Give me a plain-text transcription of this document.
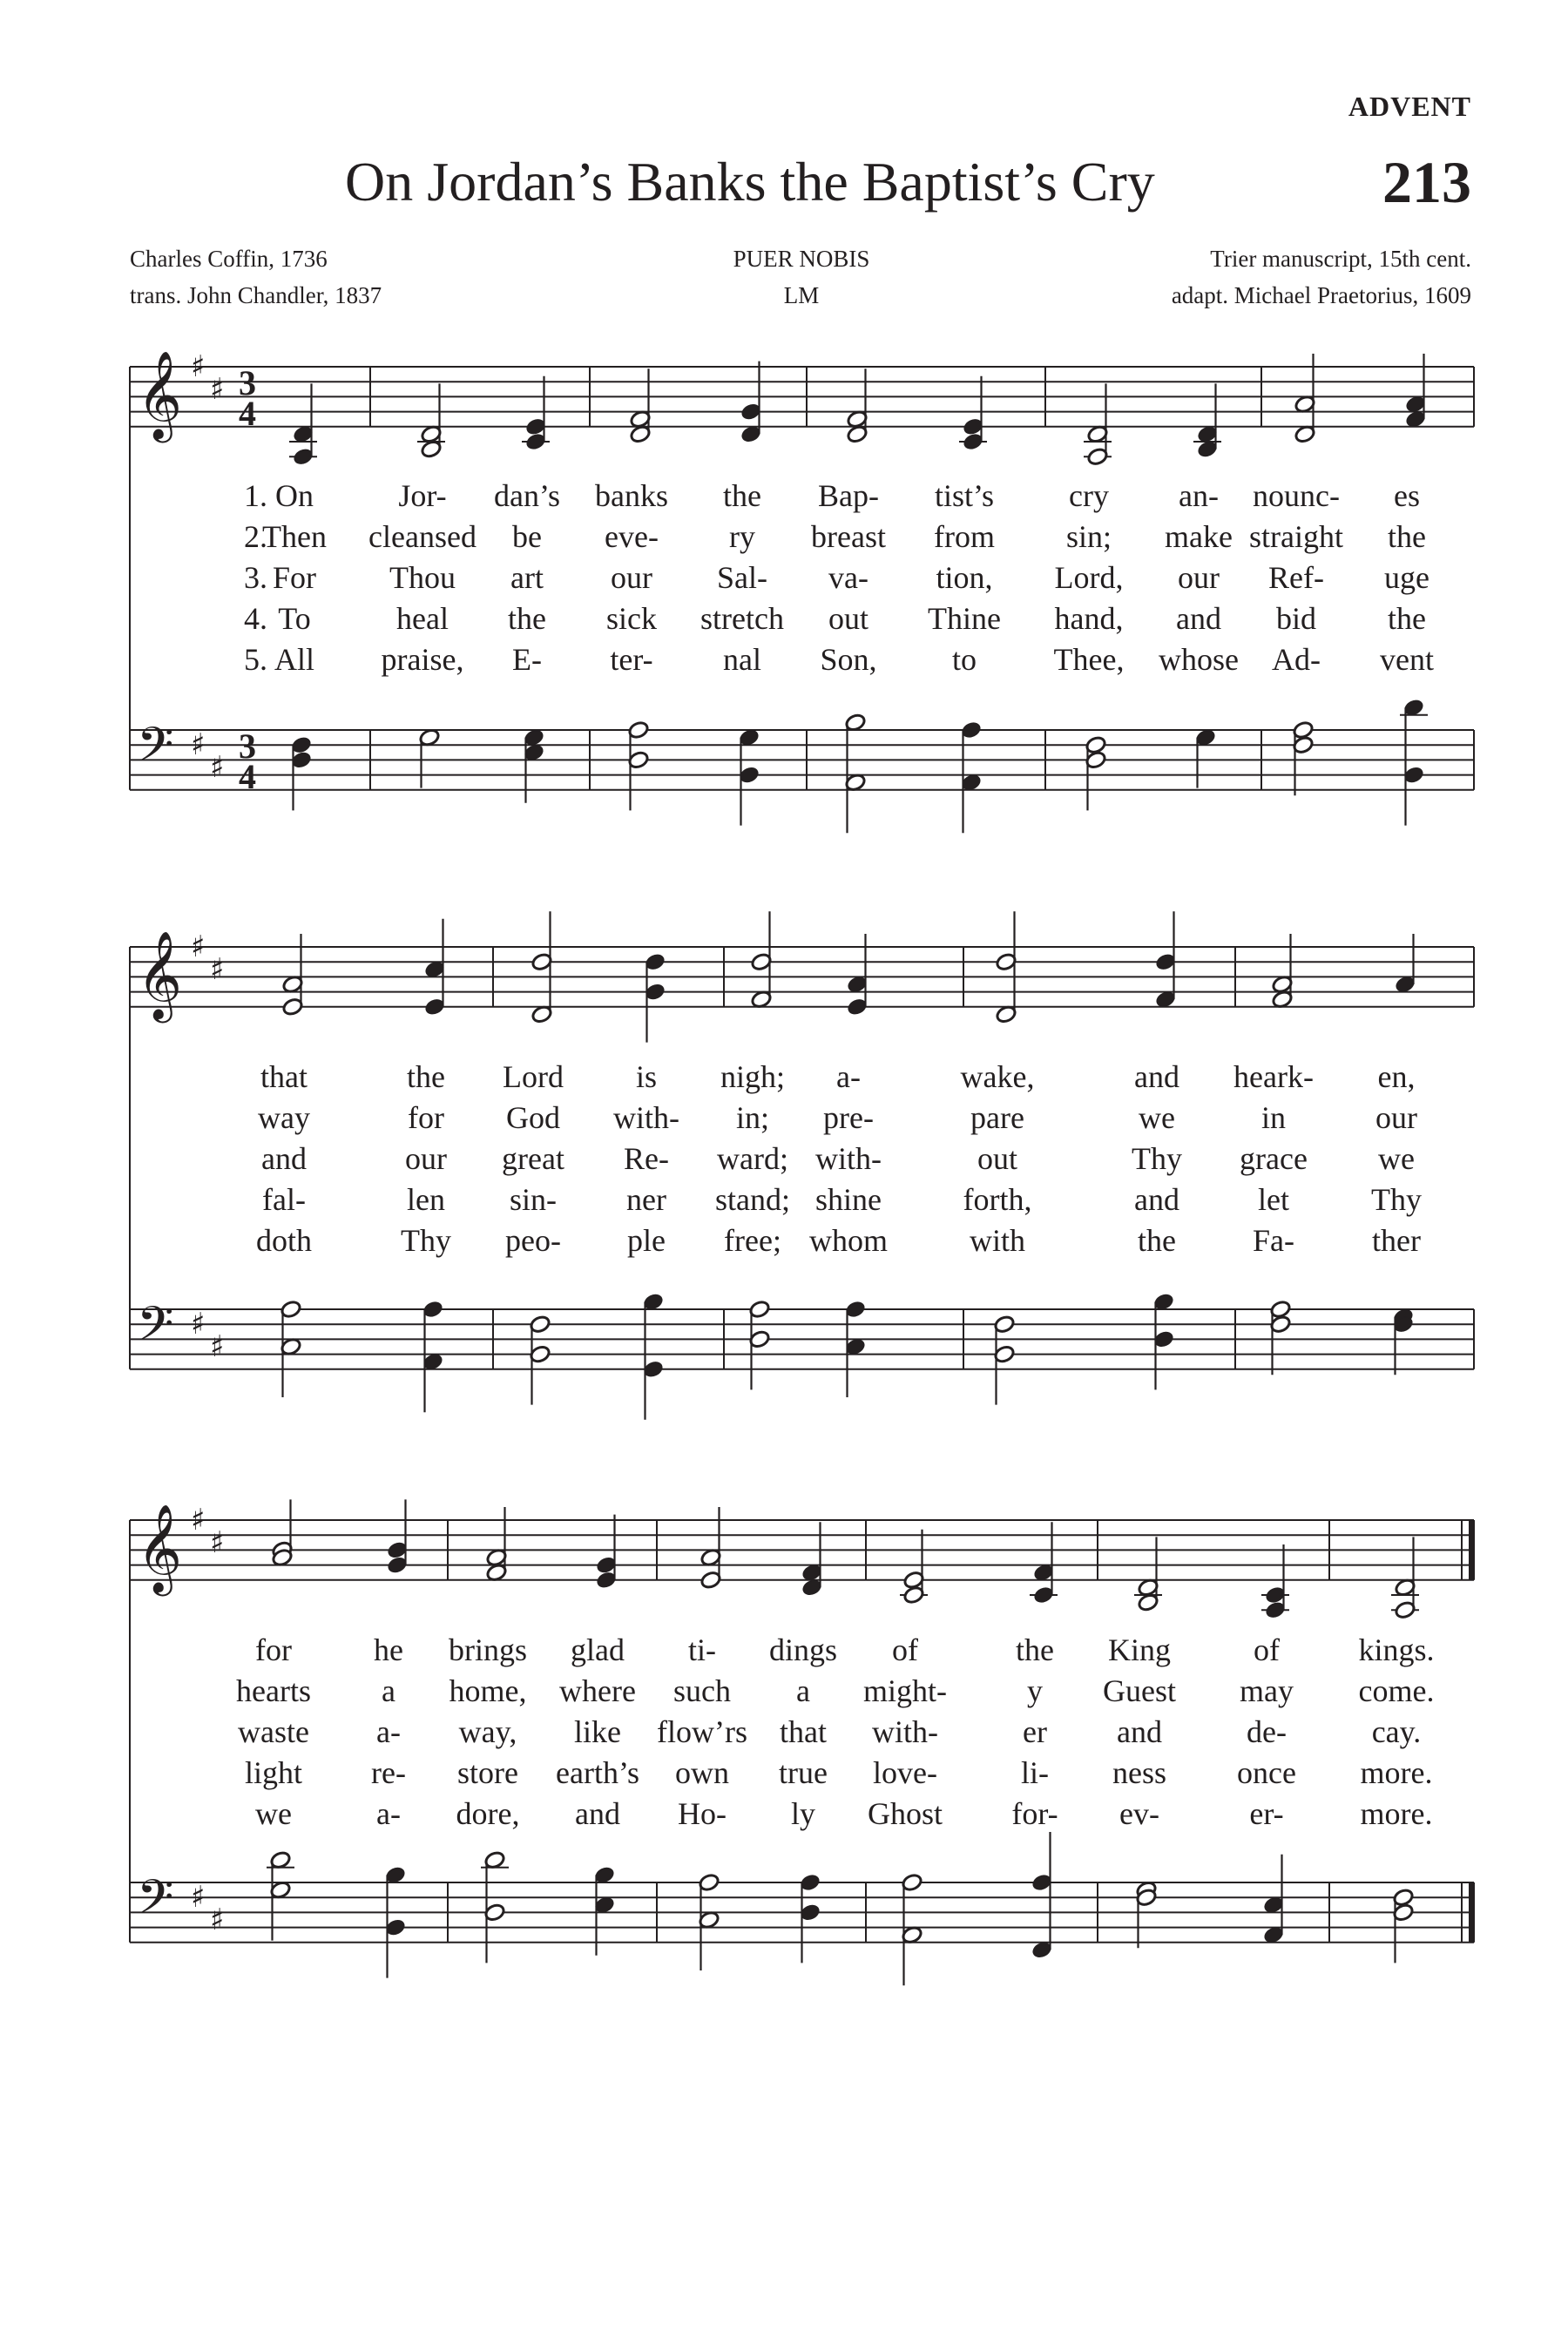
ADVENT
On Jordan’s Banks the Baptist’s Cry	213
Charles Coffin, 1736
trans. John Chandler, 1837
PUER NOBIS
LM
Trier manuscript, 15th cent.
adapt. Michael Praetorius, 1609
𝄞 ♯
♯ 3
4
𝄢 ♯
♯
3
4
𝄞 ♯
♯
𝄢 ♯
♯
𝄞 ♯
♯
𝄢 ♯
♯
1. On	Jor- dan’s banks the Bap- tist’s cry an- nounc- es
that	the Lord is nigh; a-	wake,	and heark- en,
for	he brings glad ti- dings of	the King	of	kings.
2.
Then cleansed be eve- ry breast from sin; make straight the
way	for God with- in; pre-	pare	we	in	our
hearts a home, where such a might-	y Guest may come.
3. For Thou art our Sal- va- tion, Lord, our Ref- uge
and	our great Re- ward; with-	out	Thy grace we
waste a- way, like flow’rs that with-	er and	de-	cay.
4. To	heal the sick stretch out Thine hand, and bid the
fal-	len sin- ner stand; shine	forth,	and	let	Thy
light re- store earth’s own true love-	li- ness once more.
5. All praise, E- ter- nal Son, to Thee, whose Ad- vent
doth	Thy peo- ple free; whom	with	the Fa- ther
we	a- dore, and Ho- ly Ghost for- ev-	er- more.
